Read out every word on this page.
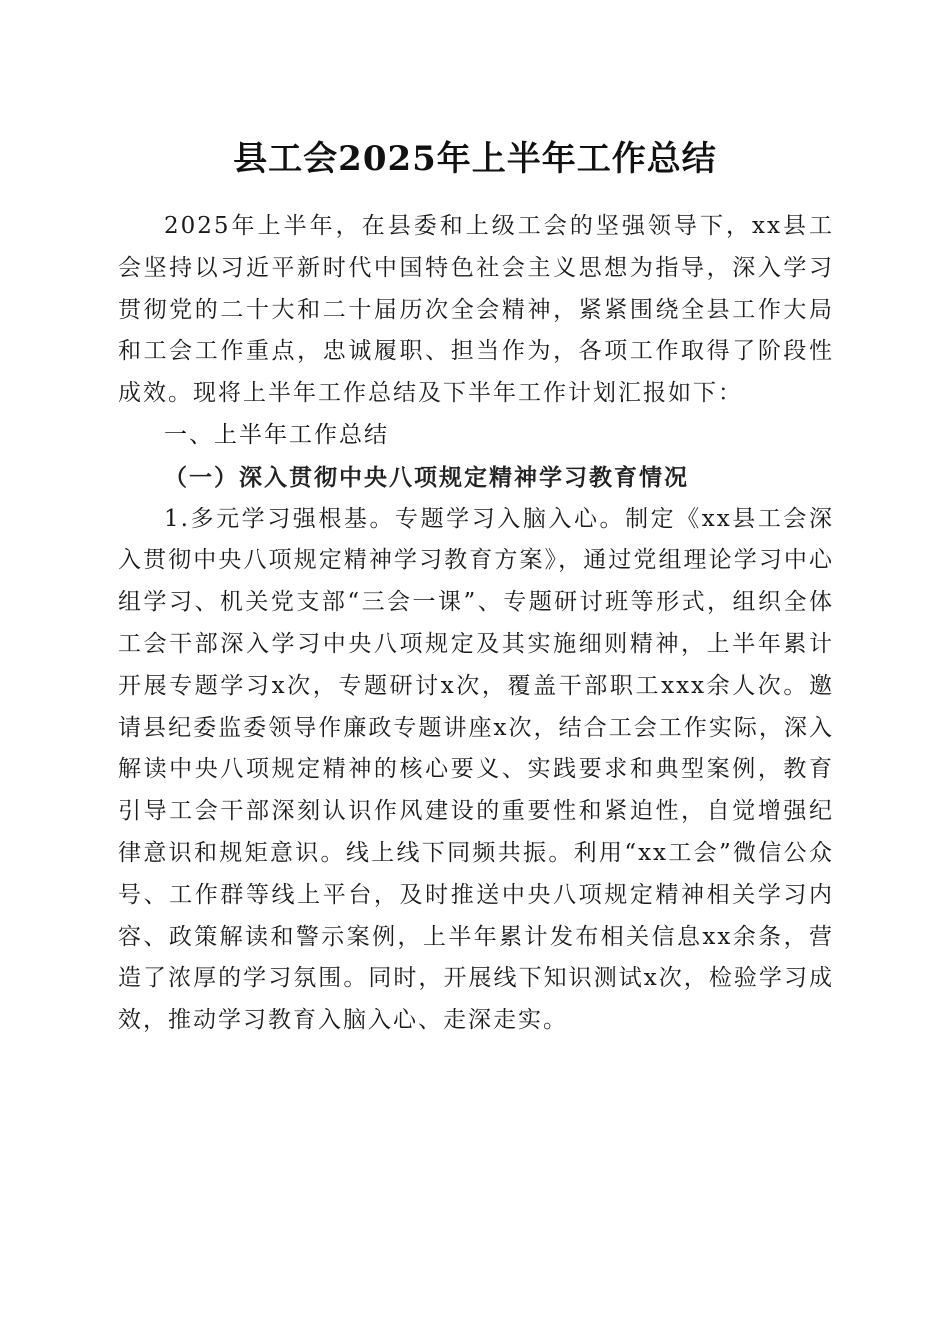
县工会2025年上半年工作总结

2025年上半年，在县委和上级工会的坚强领导下，xx县工会坚持以习近平新时代中国特色社会主义思想为指导，深入学习贯彻党的二十大和二十届历次全会精神，紧紧围绕全县工作大局和工会工作重点，忠诚履职、担当作为，各项工作取得了阶段性成效。现将上半年工作总结及下半年工作计划汇报如下：

一、上半年工作总结

（一）深入贯彻中央八项规定精神学习教育情况

1.多元学习强根基。专题学习入脑入心。制定《xx县工会深入贯彻中央八项规定精神学习教育方案》，通过党组理论学习中心组学习、机关党支部“三会一课”、专题研讨班等形式，组织全体工会干部深入学习中央八项规定及其实施细则精神，上半年累计开展专题学习x次，专题研讨x次，覆盖干部职工xxx余人次。邀请县纪委监委领导作廉政专题讲座x次，结合工会工作实际，深入解读中央八项规定精神的核心要义、实践要求和典型案例，教育引导工会干部深刻认识作风建设的重要性和紧迫性，自觉增强纪律意识和规矩意识。线上线下同频共振。利用“xx工会”微信公众号、工作群等线上平台，及时推送中央八项规定精神相关学习内容、政策解读和警示案例，上半年累计发布相关信息xx余条，营造了浓厚的学习氛围。同时，开展线下知识测试x次，检验学习成效，推动学习教育入脑入心、走深走实。
